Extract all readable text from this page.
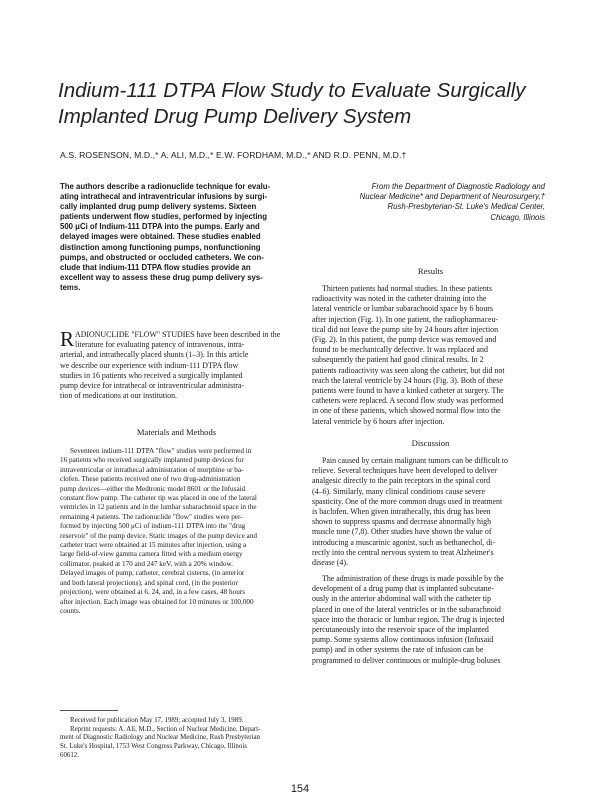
Indium-111 DTPA Flow Study to Evaluate Surgically
Implanted Drug Pump Delivery System
A.S. ROSENSON, M.D.,* A. ALI, M.D.,* E.W. FORDHAM, M.D.,* AND R.D. PENN, M.D.†
The authors describe a radionuclide technique for evalu-
ating intrathecal and intraventricular infusions by surgi-
cally implanted drug pump delivery systems. Sixteen
patients underwent flow studies, performed by injecting
500 μCi of Indium-111 DTPA into the pumps. Early and
delayed images were obtained. These studies enabled
distinction among functioning pumps, nonfunctioning
pumps, and obstructed or occluded catheters. We con-
clude that indium-111 DTPA flow studies provide an
excellent way to assess these drug pump delivery sys-
tems.
From the Department of Diagnostic Radiology and
Nuclear Medicine* and Department of Neurosurgery,†
Rush-Presbyterian-St. Luke's Medical Center,
Chicago, Illinois
R ADIONUCLIDE "FLOW" STUDIES have been described in the
literature for evaluating patency of intravenous, intra-
arterial, and intrathecally placed shunts (1–3). In this article
we describe our experience with indium-111 DTPA flow
studies in 16 patients who received a surgically implanted
pump device for intrathecal or intraventricular administra-
tion of medications at our institution.
Materials and Methods
Seventeen indium-111 DTPA "flow" studies were performed in
16 patients who received surgically implanted pump devices for
intraventricular or intrathecal administration of morphine or ba-
clofen. These patients received one of two drug-administration
pump devices—either the Medtronic model 8601 or the Infusaid
constant flow pump. The catheter tip was placed in one of the lateral
ventricles in 12 patients and in the lumbar subarachnoid space in the
remaining 4 patients. The radionuclide "flow" studies were per-
formed by injecting 500 μCi of indium-111 DTPA into the "drug
reservoir" of the pump device. Static images of the pump device and
catheter tract were obtained at 15 minutes after injection, using a
large field-of-view gamma camera fitted with a medium energy
collimator, peaked at 170 and 247 keV, with a 20% window.
Delayed images of pump, catheter, cerebral cisterns, (in anterior
and both lateral projections), and spinal cord, (in the posterior
projection), were obtained at 6, 24, and, in a few cases, 48 hours
after injection. Each image was obtained for 10 minutes or 100,000
counts.
Received for publication May 17, 1989; accepted July 3, 1989.
Reprint requests: A. Ali, M.D., Section of Nuclear Medicine, Depart-
ment of Diagnostic Radiology and Nuclear Medicine, Rush Presbyterian
St. Luke's Hospital, 1753 West Congress Parkway, Chicago, Illinois
60612.
Results
Thirteen patients had normal studies. In these patients
radioactivity was noted in the catheter draining into the
lateral ventricle or lumbar subarachnoid space by 6 hours
after injection (Fig. 1). In one patient, the radiopharmaceu-
tical did not leave the pump site by 24 hours after injection
(Fig. 2). In this patient, the pump device was removed and
found to be mechanically defective. It was replaced and
subsequently the patient had good clinical results. In 2
patients radioactivity was seen along the catheter, but did not
reach the lateral ventricle by 24 hours (Fig. 3). Both of these
patients were found to have a kinked catheter at surgery. The
catheters were replaced. A second flow study was performed
in one of these patients, which showed normal flow into the
lateral ventricle by 6 hours after injection.
Discussion
Pain caused by certain malignant tumors can be difficult to
relieve. Several techniques have been developed to deliver
analgesic directly to the pain receptors in the spinal cord
(4–6). Similarly, many clinical conditions cause severe
spasticity. One of the more common drugs used in treatment
is baclofen. When given intrathecally, this drug has been
shown to suppress spasms and decrease abnormally high
muscle tone (7,8). Other studies have shown the value of
introducing a muscarinic agonist, such as bethanechol, di-
rectly into the central nervous system to treat Alzheimer's
disease (4).
The administration of these drugs is made possible by the
development of a drug pump that is implanted subcutane-
ously in the anterior abdominal wall with the catheter tip
placed in one of the lateral ventricles or in the subarachnoid
space into the thoracic or lumbar region. The drug is injected
percutaneously into the reservoir space of the implanted
pump. Some systems allow continuous infusion (Infusaid
pump) and in other systems the rate of infusion can be
programmed to deliver continuous or multiple-drug boluses
154
